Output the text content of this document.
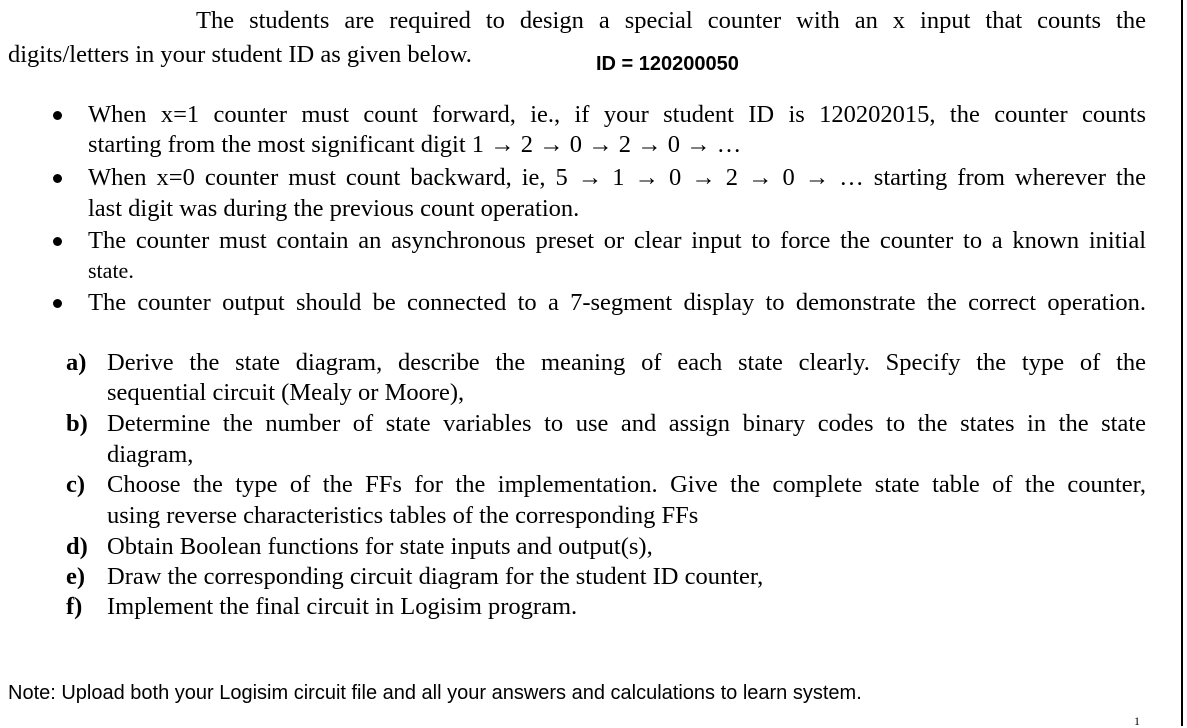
1
The students are required to design a special counter with an x input that counts the
digits/letters in your student ID as given below.	ID = 120200050
When x=1 counter must count forward, ie., if your student ID is 120202015, the counter counts
starting from the most significant digit 1 → 2 → 0 → 2 → 0 → …
When x=0 counter must count backward, ie, 5 → 1 → 0 → 2 → 0 → … starting from wherever the
last digit was during the previous count operation.
The counter must contain an asynchronous preset or clear input to force the counter to a known initial
state.
The counter output should be connected to a 7-segment display to demonstrate the correct operation.
a) Derive the state diagram, describe the meaning of each state clearly. Specify the type of the
sequential circuit (Mealy or Moore),
b) Determine the number of state variables to use and assign binary codes to the states in the state
diagram,
c) Choose the type of the FFs for the implementation. Give the complete state table of the counter,
using reverse characteristics tables of the corresponding FFs
d) Obtain Boolean functions for state inputs and output(s),
e) Draw the corresponding circuit diagram for the student ID counter,
f) Implement the final circuit in Logisim program.
Note: Upload both your Logisim circuit file and all your answers and calculations to learn system.
